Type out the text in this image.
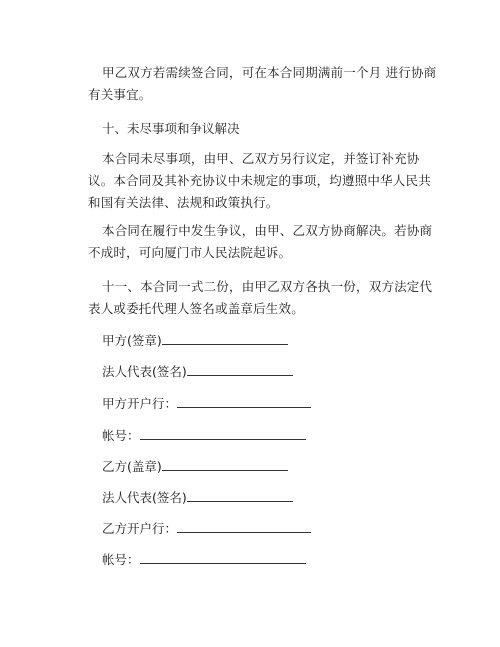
甲乙双方若需续签合同，可在本合同期满前一个月 进行协商有关事宜。
十、未尽事项和争议解决
本合同未尽事项，由甲、乙双方另行议定，并签订补充协议。本合同及其补充协议中未规定的事项，均遵照中华人民共和国有关法律、法规和政策执行。
本合同在履行中发生争议，由甲、乙双方协商解决。若协商不成时，可向厦门市人民法院起诉。
十一、本合同一式二份，由甲乙双方各执一份，双方法定代表人或委托代理人签名或盖章后生效。
甲方(签章)
法人代表(签名)
甲方开户行：
帐号：
乙方(盖章)
法人代表(签名)
乙方开户行：
帐号：
